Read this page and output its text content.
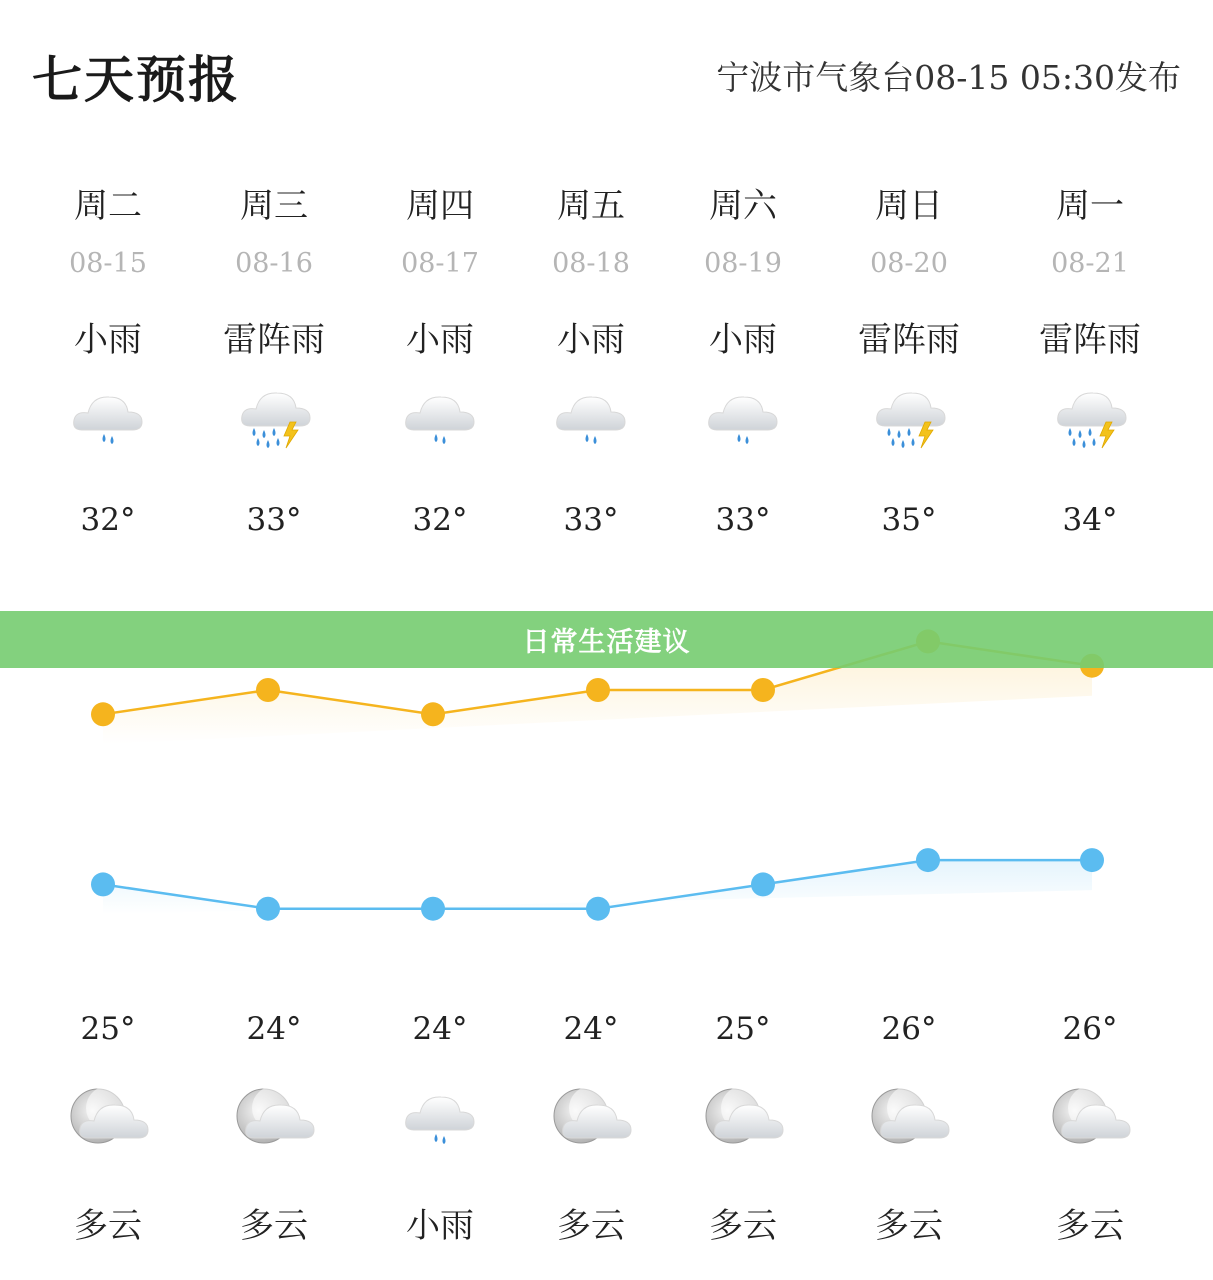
七天预报	宁波市气象台08-15 05:30发布
周二
08-15
小雨
32°
25°
多云
周三
08-16
雷阵雨
33°
24°
多云
周四
08-17
小雨
32°
24°
小雨
周五
08-18
小雨
33°
24°
多云
周六
08-19
小雨
33°
25°
多云
周日
08-20
雷阵雨
35°
26°
多云
周一
08-21
雷阵雨
34°
26°
多云
日常生活建议
